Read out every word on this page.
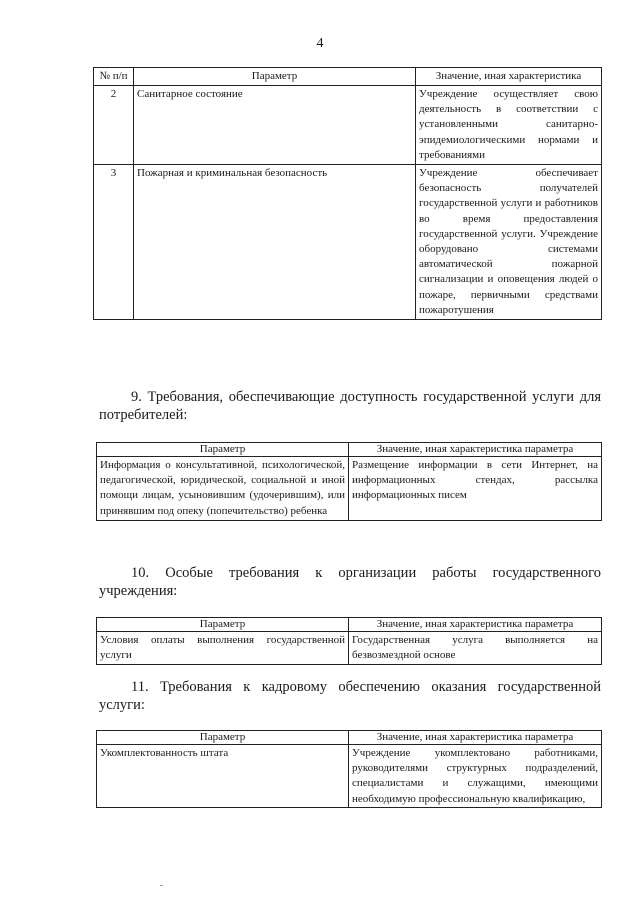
4
№ п/п	Параметр	Значение, иная характеристика
2	Санитарное состояние	Учреждение осуществляет свою деятельность в соответствии с установленными санитарно-эпидемиологическими нормами и требованиями
3	Пожарная и криминальная безопасность	Учреждение обеспечивает безопасность получателей государственной услуги и работников во время предоставления государственной услуги. Учреждение оборудовано системами автоматической пожарной сигнализации и оповещения людей о пожаре, первичными средствами пожаротушения
9. Требования, обеспечивающие доступность государственной услуги для потребителей:
Параметр	Значение, иная характеристика параметра
Информация о консультативной, психологической, педагогической, юридической, социальной и иной помощи лицам, усыновившим (удочерившим), или принявшим под опеку (попечительство) ребенка	Размещение информации в сети Интернет, на информационных стендах, рассылка информационных писем
10. Особые требования к организации работы государственного учреждения:
Параметр	Значение, иная характеристика параметра
Условия оплаты выполнения государственной услуги	Государственная услуга выполняется на безвозмездной основе
11. Требования к кадровому обеспечению оказания государственной услуги:
Параметр	Значение, иная характеристика параметра
Укомплектованность штата	Учреждение укомплектовано работниками, руководителями структурных подразделений, специалистами и служащими, имеющими необходимую профессиональную квалификацию,
